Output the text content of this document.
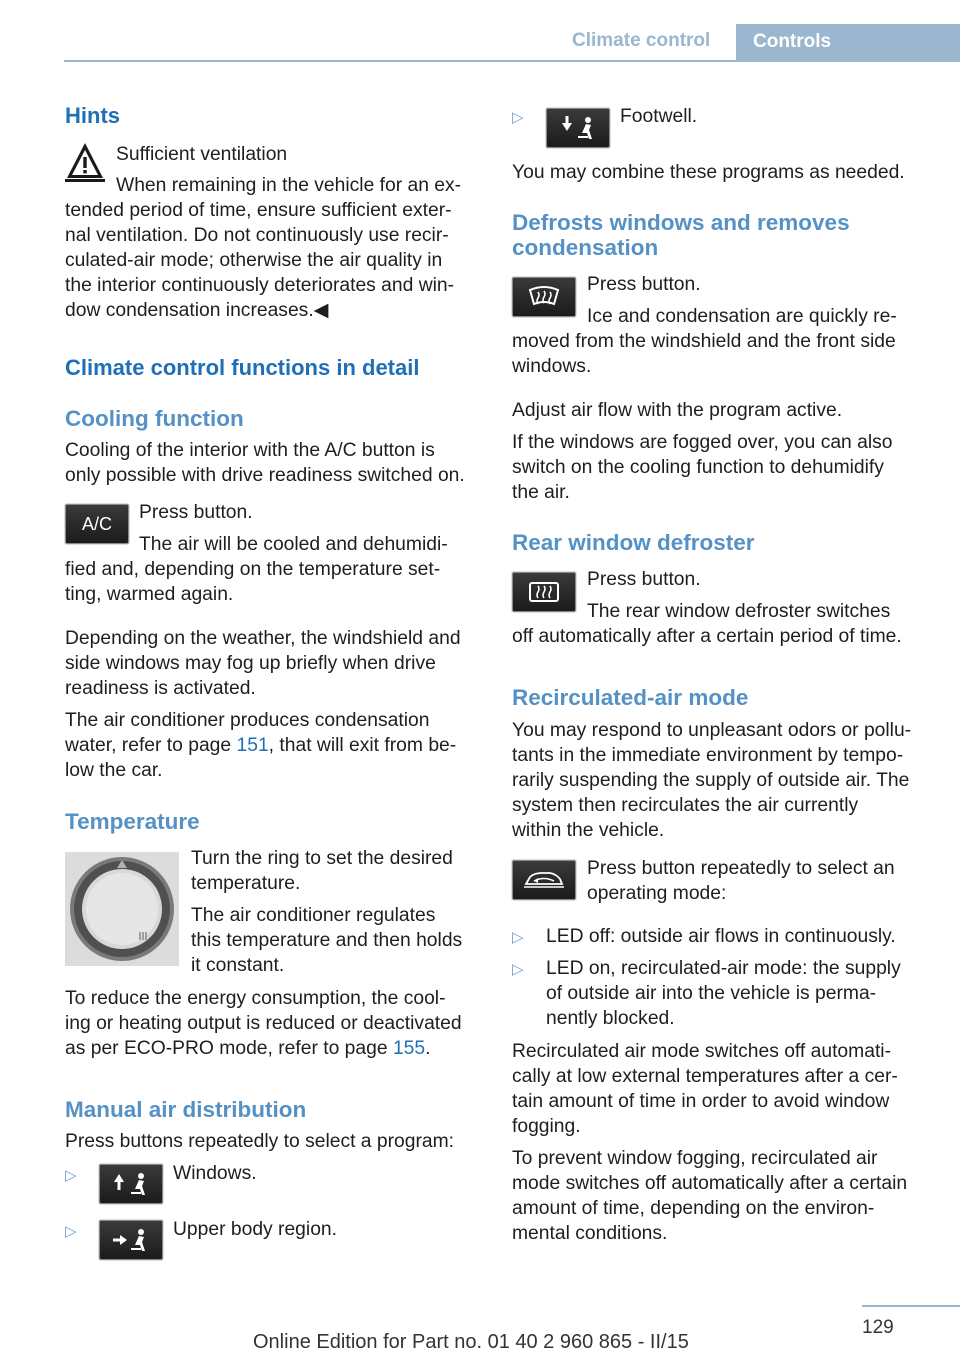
Climate control Controls
Hints
Sufficient ventilation
When remaining in the vehicle for an ex-
tended period of time, ensure sufficient exter-
nal ventilation. Do not continuously use recir-
culated-air mode; otherwise the air quality in
the interior continuously deteriorates and win-
dow condensation increases.◀
Climate control functions in detail
Cooling function
Cooling of the interior with the A/C button is
only possible with drive readiness switched on.
A/C
Press button.
The air will be cooled and dehumidi-
fied and, depending on the temperature set-
ting, warmed again.
Depending on the weather, the windshield and
side windows may fog up briefly when drive
readiness is activated.
The air conditioner produces condensation
water, refer to page 151, that will exit from be-
low the car.
Temperature
Turn the ring to set the desired
temperature.
The air conditioner regulates
this temperature and then holds
it constant.
To reduce the energy consumption, the cool-
ing or heating output is reduced or deactivated
as per ECO-PRO mode, refer to page 155.
Manual air distribution
Press buttons repeatedly to select a program:
▷	Windows.
▷	Upper body region.
▷	Footwell.
You may combine these programs as needed.
Defrosts windows and removes
condensation
Press button.
Ice and condensation are quickly re-
moved from the windshield and the front side
windows.
Adjust air flow with the program active.
If the windows are fogged over, you can also
switch on the cooling function to dehumidify
the air.
Rear window defroster
Press button.
The rear window defroster switches
off automatically after a certain period of time.
Recirculated-air mode
You may respond to unpleasant odors or pollu-
tants in the immediate environment by tempo-
rarily suspending the supply of outside air. The
system then recirculates the air currently
within the vehicle.
Press button repeatedly to select an
operating mode:
▷ LED off: outside air flows in continuously.
▷ LED on, recirculated-air mode: the supply
of outside air into the vehicle is perma-
nently blocked.
Recirculated air mode switches off automati-
cally at low external temperatures after a cer-
tain amount of time in order to avoid window
fogging.
To prevent window fogging, recirculated air
mode switches off automatically after a certain
amount of time, depending on the environ-
mental conditions.
129
Online Edition for Part no. 01 40 2 960 865 - II/15
